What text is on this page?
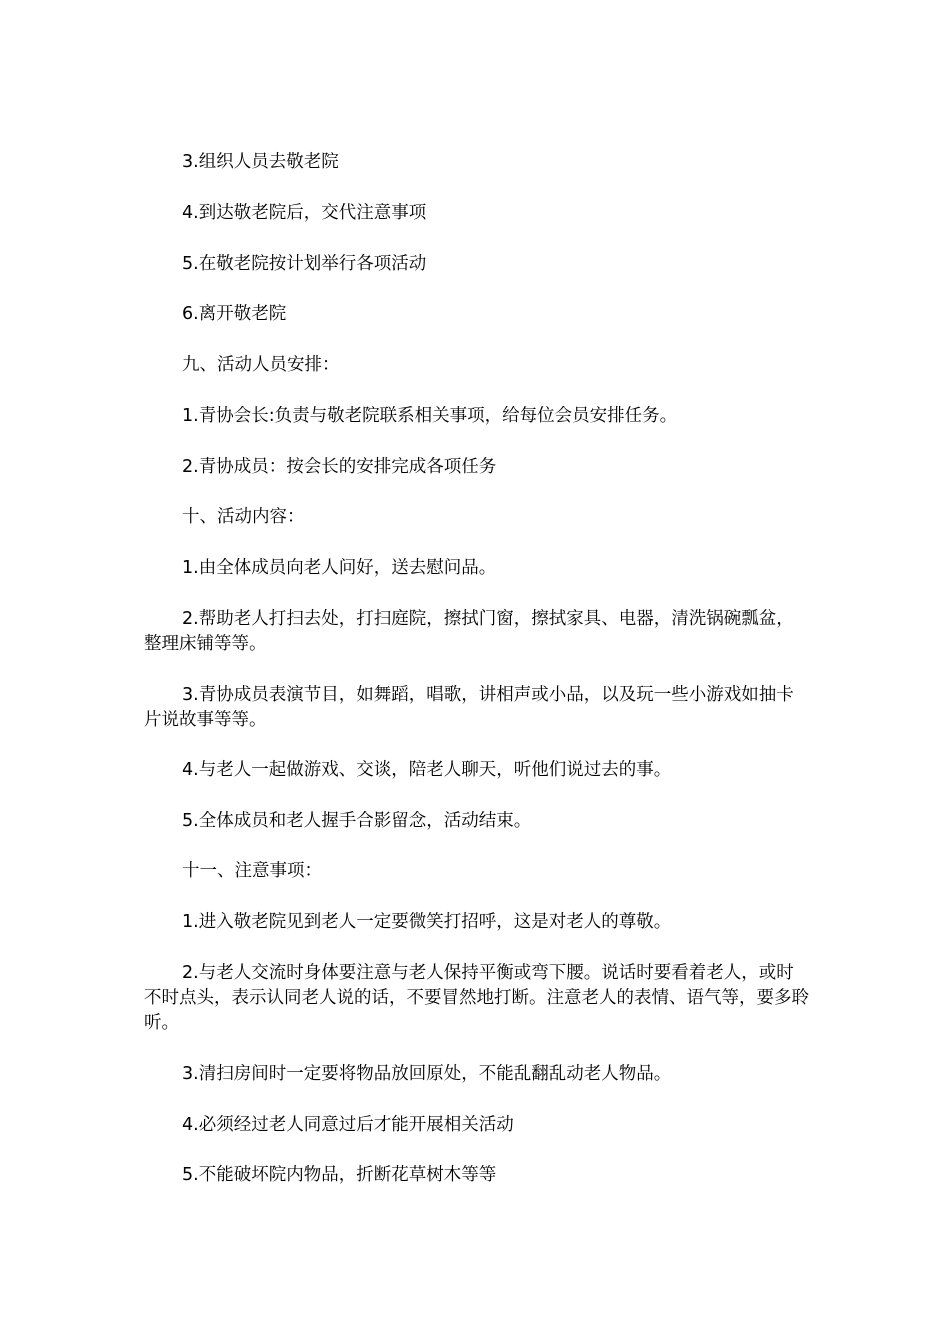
3.组织人员去敬老院

4.到达敬老院后，交代注意事项

5.在敬老院按计划举行各项活动

6.离开敬老院

九、活动人员安排：

1.青协会长:负责与敬老院联系相关事项，给每位会员安排任务。

2.青协成员：按会长的安排完成各项任务

十、活动内容：

1.由全体成员向老人问好，送去慰问品。

2.帮助老人打扫去处，打扫庭院，擦拭门窗，擦拭家具、电器，清洗锅碗瓢盆，整理床铺等等。

3.青协成员表演节目，如舞蹈，唱歌，讲相声或小品，以及玩一些小游戏如抽卡片说故事等等。

4.与老人一起做游戏、交谈，陪老人聊天，听他们说过去的事。

5.全体成员和老人握手合影留念，活动结束。

十一、注意事项：

1.进入敬老院见到老人一定要微笑打招呼，这是对老人的尊敬。

2.与老人交流时身体要注意与老人保持平衡或弯下腰。说话时要看着老人，或时不时点头，表示认同老人说的话，不要冒然地打断。注意老人的表情、语气等，要多聆听。

3.清扫房间时一定要将物品放回原处，不能乱翻乱动老人物品。

4.必须经过老人同意过后才能开展相关活动

5.不能破坏院内物品，折断花草树木等等
